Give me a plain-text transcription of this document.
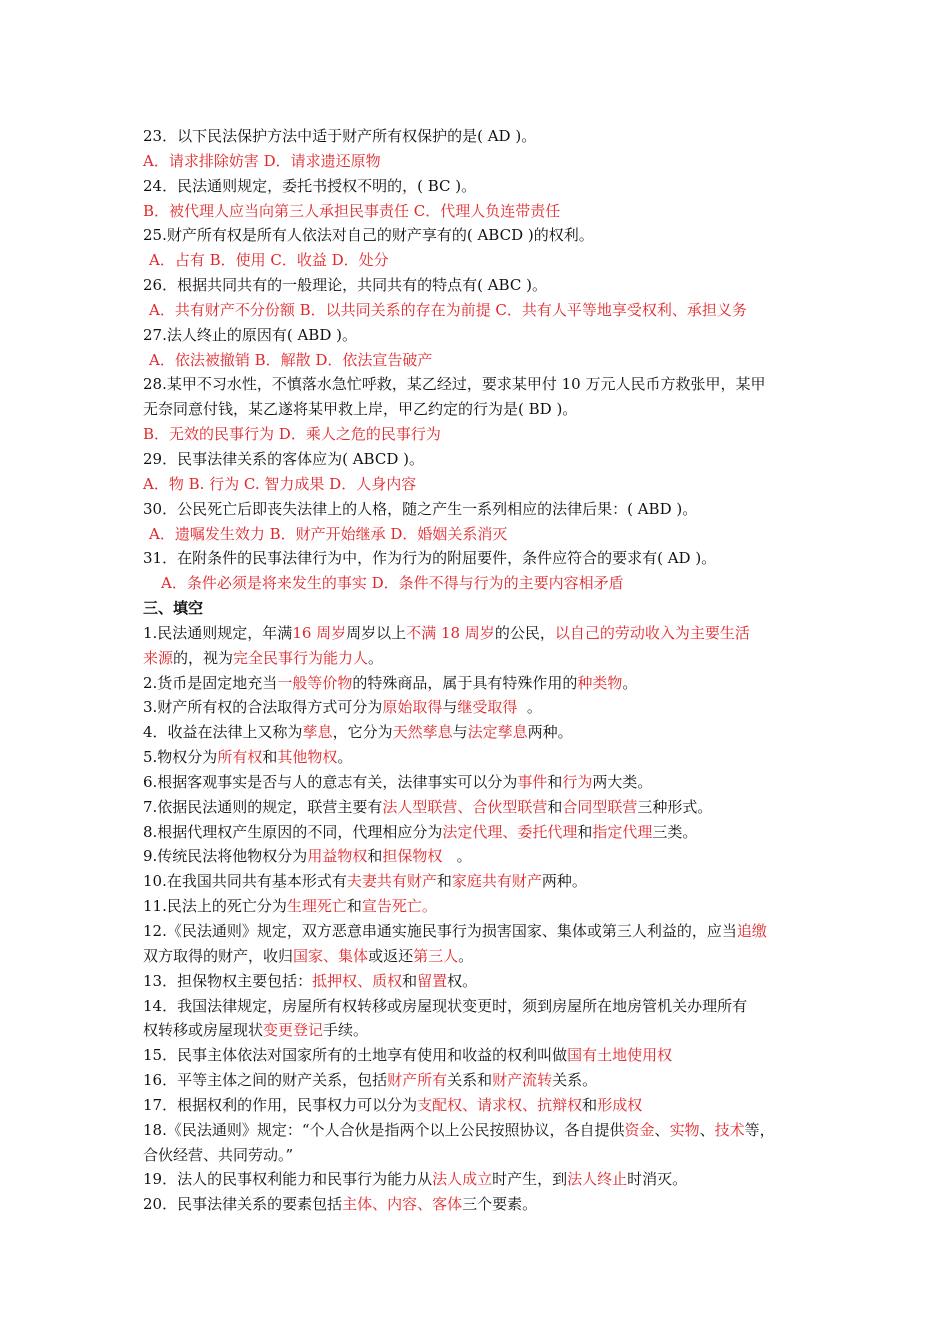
23．以下民法保护方法中适于财产所有权保护的是( AD )。
A．请求排除妨害 D．请求遗还原物
24．民法通则规定，委托书授权不明的，( BC )。
B．被代理人应当向第三人承担民事责任 C．代理人负连带责任
25.财产所有权是所有人依法对自己的财产享有的( ABCD )的权利。
A．占有 B．使用 C．收益 D．处分
26．根据共同共有的一般理论，共同共有的特点有( ABC )。
A．共有财产不分份额 B．以共同关系的存在为前提 C．共有人平等地享受权利、承担义务
27.法人终止的原因有( ABD )。
A．依法被撤销 B．解散 D．依法宣告破产
28.某甲不习水性，不慎落水急忙呼救，某乙经过，要求某甲付 10 万元人民币方救张甲，某甲
无奈同意付钱，某乙遂将某甲救上岸，甲乙约定的行为是( BD )。
B．无效的民事行为 D．乘人之危的民事行为
29．民事法律关系的客体应为( ABCD )。
A．物 B. 行为 C. 智力成果 D．人身内容
30．公民死亡后即丧失法律上的人格，随之产生一系列相应的法律后果：( ABD )。
A．遗嘱发生效力 B．财产开始继承 D．婚姻关系消灭
31．在附条件的民事法律行为中，作为行为的附屈要件，条件应符合的要求有( AD )。
A．条件必须是将来发生的事实 D．条件不得与行为的主要内容相矛盾
三、填空
1.民法通则规定，年满16 周岁周岁以上不满 18 周岁的公民，以自己的劳动收入为主要生活
来源的，视为完全民事行为能力人。
2.货币是固定地充当一般等价物的特殊商品，属于具有特殊作用的种类物。
3.财产所有权的合法取得方式可分为原始取得与继受取得  。
4．收益在法律上又称为孳息，它分为天然孳息与法定孳息两种。
5.物权分为所有权和其他物权。
6.根据客观事实是否与人的意志有关，法律事实可以分为事件和行为两大类。
7.依据民法通则的规定，联营主要有法人型联营、合伙型联营和合同型联营三种形式。
8.根据代理权产生原因的不同，代理相应分为法定代理、委托代理和指定代理三类。
9.传统民法将他物权分为用益物权和担保物权   。
10.在我国共同共有基本形式有夫妻共有财产和家庭共有财产两种。
11.民法上的死亡分为生理死亡和宣告死亡。
12.《民法通则》规定，双方恶意串通实施民事行为损害国家、集体或第三人利益的，应当追缴
双方取得的财产，收归国家、集体或返还第三人。
13．担保物权主要包括：抵押权、质权和留置权。
14．我国法律规定，房屋所有权转移或房屋现状变更时，须到房屋所在地房管机关办理所有
权转移或房屋现状变更登记手续。
15．民事主体依法对国家所有的土地享有使用和收益的权利叫做国有土地使用权
16．平等主体之间的财产关系，包括财产所有关系和财产流转关系。
17．根据权利的作用，民事权力可以分为支配权、请求权、抗辩权和形成权
18.《民法通则》规定：“个人合伙是指两个以上公民按照协议，各自提供资金、实物、技术等，
合伙经营、共同劳动。”
19．法人的民事权利能力和民事行为能力从法人成立时产生，到法人终止时消灭。
20．民事法律关系的要素包括主体、内容、客体三个要素。
